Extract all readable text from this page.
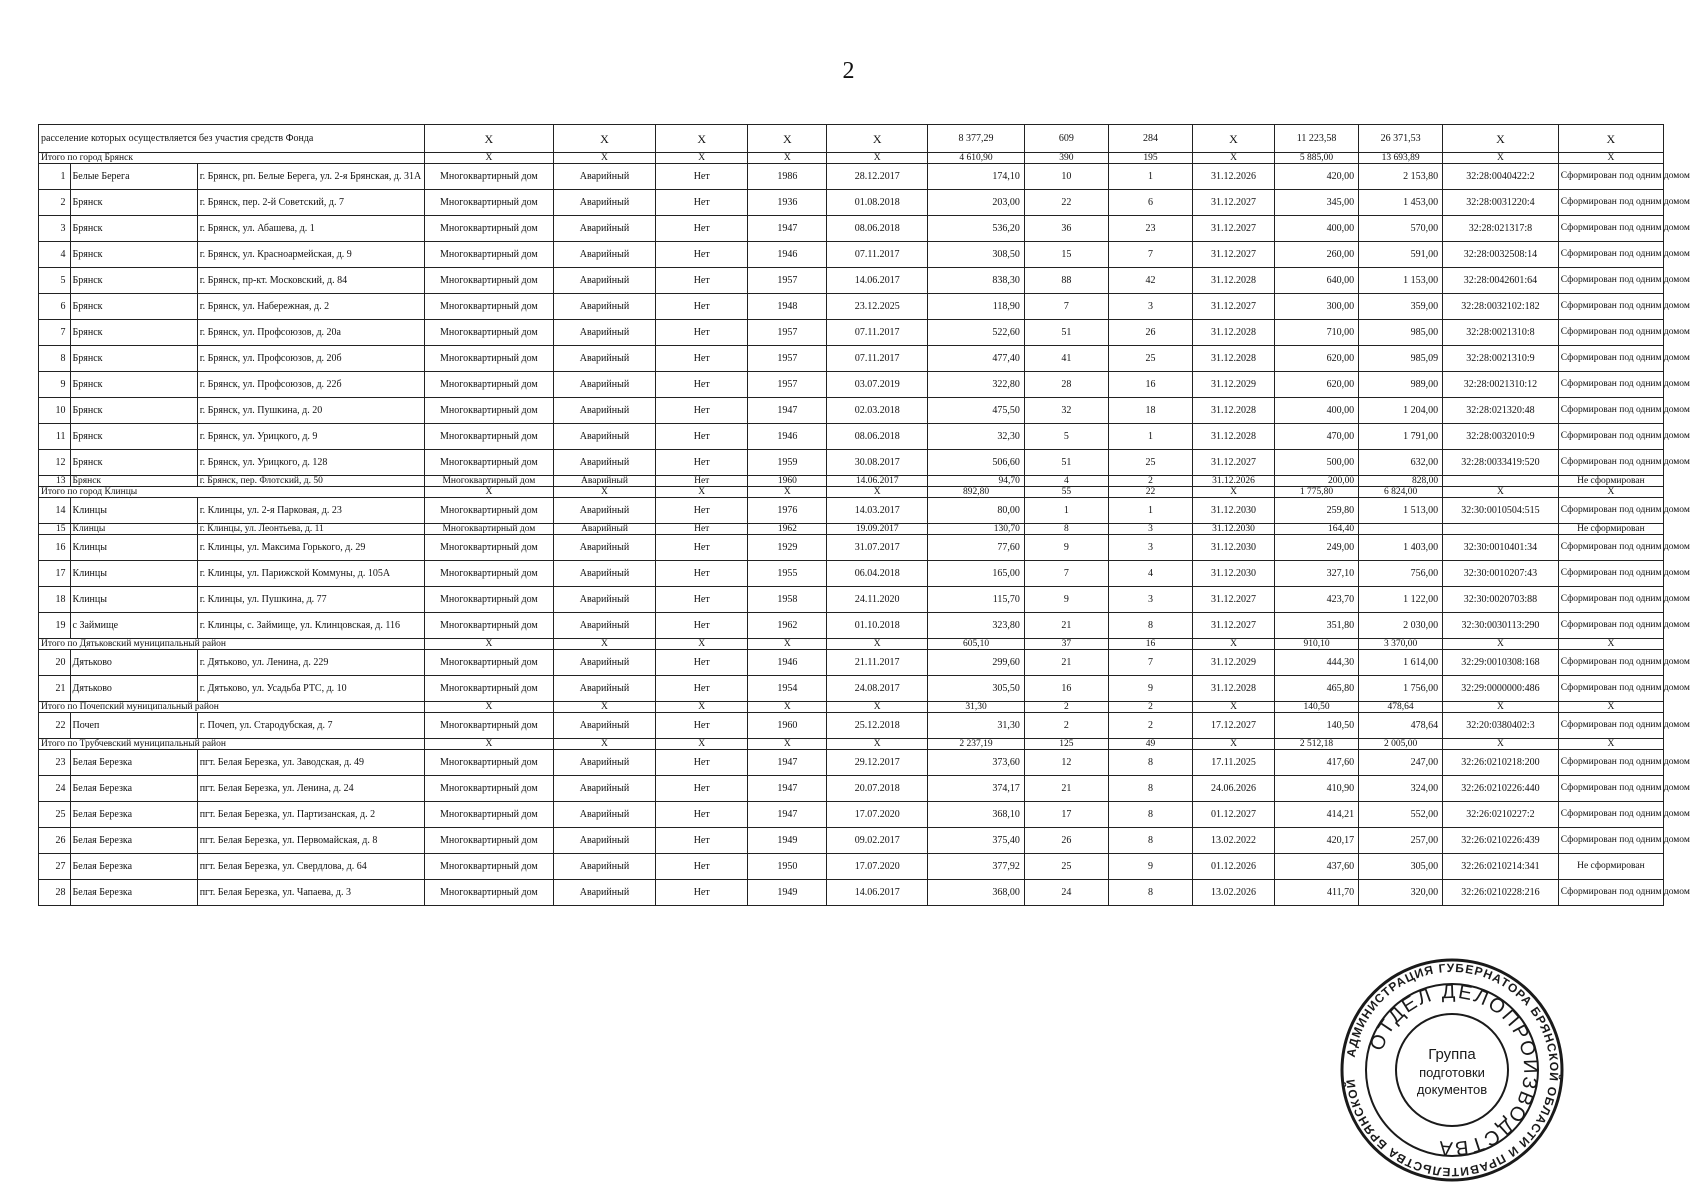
2
расселение которых осуществляется без участия средств Фонда			Х	Х	Х	Х	Х	8 377,29	609	284	Х	11 223,58	26 371,53	Х	Х
Итого по город Брянск			Х	Х	Х	Х	Х	4 610,90	390	195	Х	5 885,00	13 693,89	Х	Х
1	Белые Берега	г. Брянск, рп. Белые Берега, ул. 2-я Брянская, д. 31А	Многоквартирный дом	Аварийный	Нет	1986	28.12.2017	174,10	10	1	31.12.2026	420,00	2 153,80	32:28:0040422:2	Сформирован под одним домом
2	Брянск	г. Брянск, пер. 2-й Советский, д. 7	Многоквартирный дом	Аварийный	Нет	1936	01.08.2018	203,00	22	6	31.12.2027	345,00	1 453,00	32:28:0031220:4	Сформирован под одним домом
3	Брянск	г. Брянск, ул. Абашева, д. 1	Многоквартирный дом	Аварийный	Нет	1947	08.06.2018	536,20	36	23	31.12.2027	400,00	570,00	32:28:021317:8	Сформирован под одним домом
4	Брянск	г. Брянск, ул. Красноармейская, д. 9	Многоквартирный дом	Аварийный	Нет	1946	07.11.2017	308,50	15	7	31.12.2027	260,00	591,00	32:28:0032508:14	Сформирован под одним домом
5	Брянск	г. Брянск, пр-кт. Московский, д. 84	Многоквартирный дом	Аварийный	Нет	1957	14.06.2017	838,30	88	42	31.12.2028	640,00	1 153,00	32:28:0042601:64	Сформирован под одним домом
6	Брянск	г. Брянск, ул. Набережная, д. 2	Многоквартирный дом	Аварийный	Нет	1948	23.12.2025	118,90	7	3	31.12.2027	300,00	359,00	32:28:0032102:182	Сформирован под одним домом
7	Брянск	г. Брянск, ул. Профсоюзов, д. 20а	Многоквартирный дом	Аварийный	Нет	1957	07.11.2017	522,60	51	26	31.12.2028	710,00	985,00	32:28:0021310:8	Сформирован под одним домом
8	Брянск	г. Брянск, ул. Профсоюзов, д. 20б	Многоквартирный дом	Аварийный	Нет	1957	07.11.2017	477,40	41	25	31.12.2028	620,00	985,09	32:28:0021310:9	Сформирован под одним домом
9	Брянск	г. Брянск, ул. Профсоюзов, д. 22б	Многоквартирный дом	Аварийный	Нет	1957	03.07.2019	322,80	28	16	31.12.2029	620,00	989,00	32:28:0021310:12	Сформирован под одним домом
10	Брянск	г. Брянск, ул. Пушкина, д. 20	Многоквартирный дом	Аварийный	Нет	1947	02.03.2018	475,50	32	18	31.12.2028	400,00	1 204,00	32:28:021320:48	Сформирован под одним домом
11	Брянск	г. Брянск, ул. Урицкого, д. 9	Многоквартирный дом	Аварийный	Нет	1946	08.06.2018	32,30	5	1	31.12.2028	470,00	1 791,00	32:28:0032010:9	Сформирован под одним домом
12	Брянск	г. Брянск, ул. Урицкого, д. 128	Многоквартирный дом	Аварийный	Нет	1959	30.08.2017	506,60	51	25	31.12.2027	500,00	632,00	32:28:0033419:520	Сформирован под одним домом
13	Брянск	г. Брянск, пер. Флотский, д. 50	Многоквартирный дом	Аварийный	Нет	1960	14.06.2017	94,70	4	2	31.12.2026	200,00	828,00		Не сформирован
Итого по город Клинцы			Х	Х	Х	Х	Х	892,80	55	22	Х	1 775,80	6 824,00	Х	Х
14	Клинцы	г. Клинцы, ул. 2-я Парковая, д. 23	Многоквартирный дом	Аварийный	Нет	1976	14.03.2017	80,00	1	1	31.12.2030	259,80	1 513,00	32:30:0010504:515	Сформирован под одним домом
15	Клинцы	г. Клинцы, ул. Леонтьева, д. 11	Многоквартирный дом	Аварийный	Нет	1962	19.09.2017	130,70	8	3	31.12.2030	164,40			Не сформирован
16	Клинцы	г. Клинцы, ул. Максима Горького, д. 29	Многоквартирный дом	Аварийный	Нет	1929	31.07.2017	77,60	9	3	31.12.2030	249,00	1 403,00	32:30:0010401:34	Сформирован под одним домом
17	Клинцы	г. Клинцы, ул. Парижской Коммуны, д. 105А	Многоквартирный дом	Аварийный	Нет	1955	06.04.2018	165,00	7	4	31.12.2030	327,10	756,00	32:30:0010207:43	Сформирован под одним домом
18	Клинцы	г. Клинцы, ул. Пушкина, д. 77	Многоквартирный дом	Аварийный	Нет	1958	24.11.2020	115,70	9	3	31.12.2027	423,70	1 122,00	32:30:0020703:88	Сформирован под одним домом
19	с Займище	г. Клинцы, с. Займище, ул. Клинцовская, д. 116	Многоквартирный дом	Аварийный	Нет	1962	01.10.2018	323,80	21	8	31.12.2027	351,80	2 030,00	32:30:0030113:290	Сформирован под одним домом
Итого по Дятьковский муниципальный район			Х	Х	Х	Х	Х	605,10	37	16	Х	910,10	3 370,00	Х	Х
20	Дятьково	г. Дятьково, ул. Ленина, д. 229	Многоквартирный дом	Аварийный	Нет	1946	21.11.2017	299,60	21	7	31.12.2029	444,30	1 614,00	32:29:0010308:168	Сформирован под одним домом
21	Дятьково	г. Дятьково, ул. Усадьба РТС, д. 10	Многоквартирный дом	Аварийный	Нет	1954	24.08.2017	305,50	16	9	31.12.2028	465,80	1 756,00	32:29:0000000:486	Сформирован под одним домом
Итого по Почепский муниципальный район			Х	Х	Х	Х	Х	31,30	2	2	Х	140,50	478,64	Х	Х
22	Почеп	г. Почеп, ул. Стародубская, д. 7	Многоквартирный дом	Аварийный	Нет	1960	25.12.2018	31,30	2	2	17.12.2027	140,50	478,64	32:20:0380402:3	Сформирован под одним домом
Итого по Трубчевский муниципальный район			Х	Х	Х	Х	Х	2 237,19	125	49	Х	2 512,18	2 005,00	Х	Х
23	Белая Березка	пгт. Белая Березка, ул. Заводская, д. 49	Многоквартирный дом	Аварийный	Нет	1947	29.12.2017	373,60	12	8	17.11.2025	417,60	247,00	32:26:0210218:200	Сформирован под одним домом
24	Белая Березка	пгт. Белая Березка, ул. Ленина, д. 24	Многоквартирный дом	Аварийный	Нет	1947	20.07.2018	374,17	21	8	24.06.2026	410,90	324,00	32:26:0210226:440	Сформирован под одним домом
25	Белая Березка	пгт. Белая Березка, ул. Партизанская, д. 2	Многоквартирный дом	Аварийный	Нет	1947	17.07.2020	368,10	17	8	01.12.2027	414,21	552,00	32:26:0210227:2	Сформирован под одним домом
26	Белая Березка	пгт. Белая Березка, ул. Первомайская, д. 8	Многоквартирный дом	Аварийный	Нет	1949	09.02.2017	375,40	26	8	13.02.2022	420,17	257,00	32:26:0210226:439	Сформирован под одним домом
27	Белая Березка	пгт. Белая Березка, ул. Свердлова, д. 64	Многоквартирный дом	Аварийный	Нет	1950	17.07.2020	377,92	25	9	01.12.2026	437,60	305,00	32:26:0210214:341	Не сформирован
28	Белая Березка	пгт. Белая Березка, ул. Чапаева, д. 3	Многоквартирный дом	Аварийный	Нет	1949	14.06.2017	368,00	24	8	13.02.2026	411,70	320,00	32:26:0210228:216	Сформирован под одним домом
АДМИНИСТРАЦИЯ ГУБЕРНАТОРА БРЯНСКОЙ ОБЛАСТИ И ПРАВИТЕЛЬСТВА БРЯНСКОЙ
ОТДЕЛ ДЕЛОПРОИЗВОДСТВА
Группа
подготовки
документов
